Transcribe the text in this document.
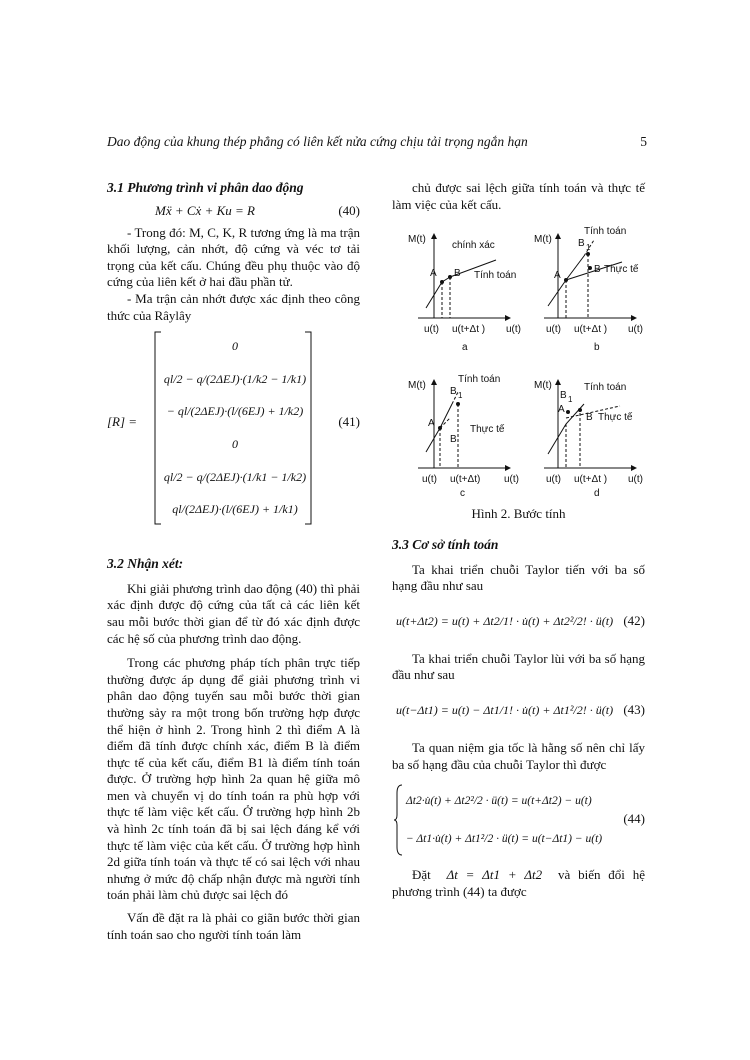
Dao động của khung thép phẳng có liên kết nửa cứng chịu tải trọng ngắn hạn	5
3.1 Phương trình vi phân dao động
Mẍ + Cẋ + Ku = R	(40)

- Trong đó: M, C, K, R tương ứng là ma trận khối lượng, cản nhớt, độ cứng và véc tơ tải trọng của kết cấu. Chúng đều phụ thuộc vào độ cứng của liên kết ở hai đầu phần tử.

- Ma trận cản nhớt được xác định theo công thức của Râylây

[R] =
0
ql/2 − q/(2ΔEJ)·(1/k2 − 1/k1)
− ql/(2ΔEJ)·(l/(6EJ) + 1/k2)
0
ql/2 − q/(2ΔEJ)·(1/k1 − 1/k2)
ql/(2ΔEJ)·(l/(6EJ) + 1/k1)
(41)
3.2 Nhận xét:

Khi giải phương trình dao động (40) thì phải xác định được độ cứng của tất cả các liên kết sau mỗi bước thời gian để từ đó xác định được các hệ số của phương trình dao động.

Trong các phương pháp tích phân trực tiếp thường được áp dụng để giải phương trình vi phân dao động tuyến sau mỗi bước thời gian thường sảy ra một trong bốn trường hợp được thể hiện ở hình 2. Trong hình 2 thì điểm A là điểm đã tính được chính xác, điểm B là điểm thực tế của kết cấu, điểm B1 là điểm tính toán được. Ở trường hợp hình 2a quan hệ giữa mô men và chuyển vị do tính toán ra phù hợp với thực tế làm việc kết cấu. Ở trường hợp hình 2b và hình 2c tính toán đã bị sai lệch đáng kể với thực tế làm việc của kết cấu. Ở trường hợp hình 2d giữa tính toán và thực tế có sai lệch với nhau nhưng ở mức độ chấp nhận được mà người tính toán phải làm chủ được sai lệch đó

Vấn đề đặt ra là phải co giãn bước thời gian tính toán sao cho người tính toán làm

chủ được sai lệch giữa tính toán và thực tế làm việc của kết cấu.

M(t)
A B
chính xác
Tính toán
u(t) u(t+Δt ) u(t)
a
M(t)
A
B 1
B
Tính toán
Thực tế
u(t) u(t+Δt ) u(t)
b
M(t)
A
B 1
B
Tính toán
Thực tế
u(t) u(t+Δt) u(t)
c
M(t)
A
B 1
B
Tính toán
Thực tế
u(t) u(t+Δt ) u(t)
d
Hình 2. Bước tính
3.3 Cơ sở tính toán

Ta khai triển chuỗi Taylor tiến với ba số hạng đầu như sau

u(t+Δt2) = u(t) + Δt2/1! · u̇(t) + Δt2²/2! · ü(t) (42)

Ta khai triển chuỗi Taylor lùi với ba số hạng đầu như sau

u(t−Δt1) = u(t) − Δt1/1! · u̇(t) + Δt1²/2! · ü(t) (43)

Ta quan niệm gia tốc là hằng số nên chỉ lấy ba số hạng đầu của chuỗi Taylor thì được

Δt2·u̇(t) + Δt2²/2 · ü(t) = u(t+Δt2) − u(t)
− Δt1·u̇(t) + Δt1²/2 · ü(t) = u(t−Δt1) − u(t)
(44)

Đặt Δt = Δt1 + Δt2 và biến đổi hệ phương trình (44) ta được
